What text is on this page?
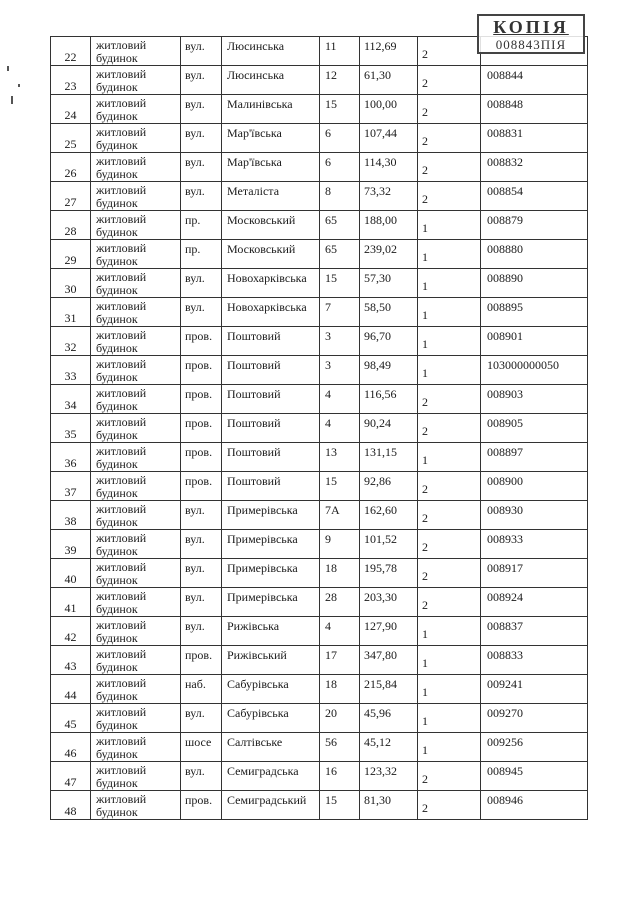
КОПІЯ
008843ПІЯ
22	житловий будинок	вул.	Люсинська	11	112,69	2	

23	житловий будинок	вул.	Люсинська	12	61,30	2	008844

24	житловий будинок	вул.	Малинівська	15	100,00	2	008848

25	житловий будинок	вул.	Мар'ївська	6	107,44	2	008831

26	житловий будинок	вул.	Мар'ївська	6	114,30	2	008832

27	житловий будинок	вул.	Металіста	8	73,32	2	008854

28	житловий будинок	пр.	Московський	65	188,00	1	008879

29	житловий будинок	пр.	Московський	65	239,02	1	008880

30	житловий будинок	вул.	Новохарківська	15	57,30	1	008890

31	житловий будинок	вул.	Новохарківська	7	58,50	1	008895

32	житловий будинок	пров.	Поштовий	3	96,70	1	008901

33	житловий будинок	пров.	Поштовий	3	98,49	1	103000000050

34	житловий будинок	пров.	Поштовий	4	116,56	2	008903

35	житловий будинок	пров.	Поштовий	4	90,24	2	008905

36	житловий будинок	пров.	Поштовий	13	131,15	1	008897

37	житловий будинок	пров.	Поштовий	15	92,86	2	008900

38	житловий будинок	вул.	Примерівська	7А	162,60	2	008930

39	житловий будинок	вул.	Примерівська	9	101,52	2	008933

40	житловий будинок	вул.	Примерівська	18	195,78	2	008917

41	житловий будинок	вул.	Примерівська	28	203,30	2	008924

42	житловий будинок	вул.	Рижівська	4	127,90	1	008837

43	житловий будинок	пров.	Рижівський	17	347,80	1	008833

44	житловий будинок	наб.	Сабурівська	18	215,84	1	009241

45	житловий будинок	вул.	Сабурівська	20	45,96	1	009270

46	житловий будинок	шосе	Салтівське	56	45,12	1	009256

47	житловий будинок	вул.	Семиградська	16	123,32	2	008945

48	житловий будинок	пров.	Семиградський	15	81,30	2	008946
